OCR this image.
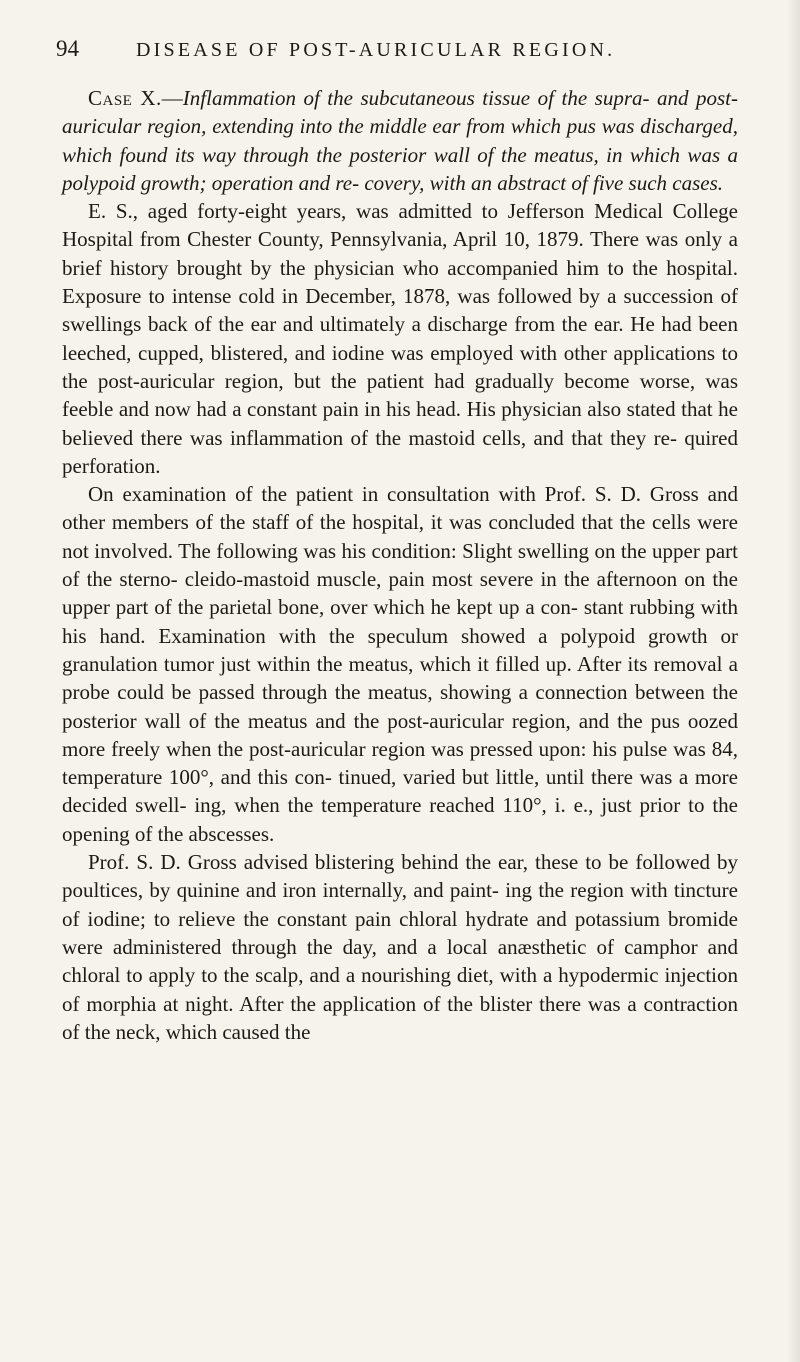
94	DISEASE OF POST-AURICULAR REGION.

Case X.—Inflammation of the subcutaneous tissue of the supra- and post-auricular region, extending into the middle ear from which pus was discharged, which found its way through the posterior wall of the meatus, in which was a polypoid growth; operation and re- covery, with an abstract of five such cases.

E. S., aged forty-eight years, was admitted to Jefferson Medical College Hospital from Chester County, Pennsylvania, April 10, 1879. There was only a brief history brought by the physician who accompanied him to the hospital. Exposure to intense cold in December, 1878, was followed by a succession of swellings back of the ear and ultimately a discharge from the ear. He had been leeched, cupped, blistered, and iodine was employed with other applications to the post-auricular region, but the patient had gradually become worse, was feeble and now had a constant pain in his head. His physician also stated that he believed there was inflammation of the mastoid cells, and that they re- quired perforation.

On examination of the patient in consultation with Prof. S. D. Gross and other members of the staff of the hospital, it was concluded that the cells were not involved. The following was his condition: Slight swelling on the upper part of the sterno- cleido-mastoid muscle, pain most severe in the afternoon on the upper part of the parietal bone, over which he kept up a con- stant rubbing with his hand. Examination with the speculum showed a polypoid growth or granulation tumor just within the meatus, which it filled up. After its removal a probe could be passed through the meatus, showing a connection between the posterior wall of the meatus and the post-auricular region, and the pus oozed more freely when the post-auricular region was pressed upon: his pulse was 84, temperature 100°, and this con- tinued, varied but little, until there was a more decided swell- ing, when the temperature reached 110°, i. e., just prior to the opening of the abscesses.

Prof. S. D. Gross advised blistering behind the ear, these to be followed by poultices, by quinine and iron internally, and paint- ing the region with tincture of iodine; to relieve the constant pain chloral hydrate and potassium bromide were administered through the day, and a local anæsthetic of camphor and chloral to apply to the scalp, and a nourishing diet, with a hypodermic injection of morphia at night. After the application of the blister there was a contraction of the neck, which caused the
